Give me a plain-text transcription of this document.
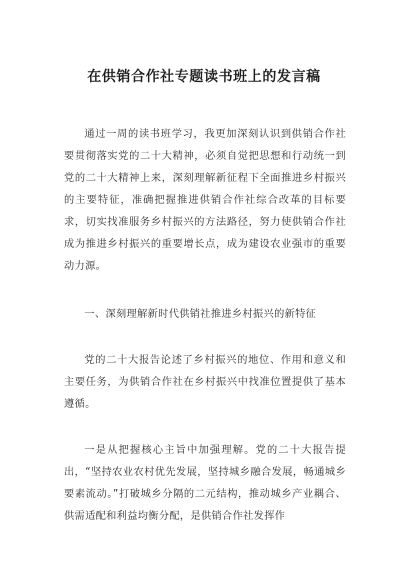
在供销合作社专题读书班上的发言稿

通过一周的读书班学习，我更加深刻认识到供销合作社要贯彻落实党的二十大精神，必须自觉把思想和行动统一到党的二十大精神上来，深刻理解新征程下全面推进乡村振兴的主要特征，准确把握推进供销合作社综合改革的目标要求，切实找准服务乡村振兴的方法路径，努力使供销合作社成为推进乡村振兴的重要增长点，成为建设农业强市的重要动力源。

一、深刻理解新时代供销社推进乡村振兴的新特征

党的二十大报告论述了乡村振兴的地位、作用和意义和主要任务，为供销合作社在乡村振兴中找准位置提供了基本遵循。

一是从把握核心主旨中加强理解。党的二十大报告提出，“坚持农业农村优先发展，坚持城乡融合发展，畅通城乡要素流动。”打破城乡分隔的二元结构，推动城乡产业耦合、供需适配和利益均衡分配，是供销合作社发挥作
